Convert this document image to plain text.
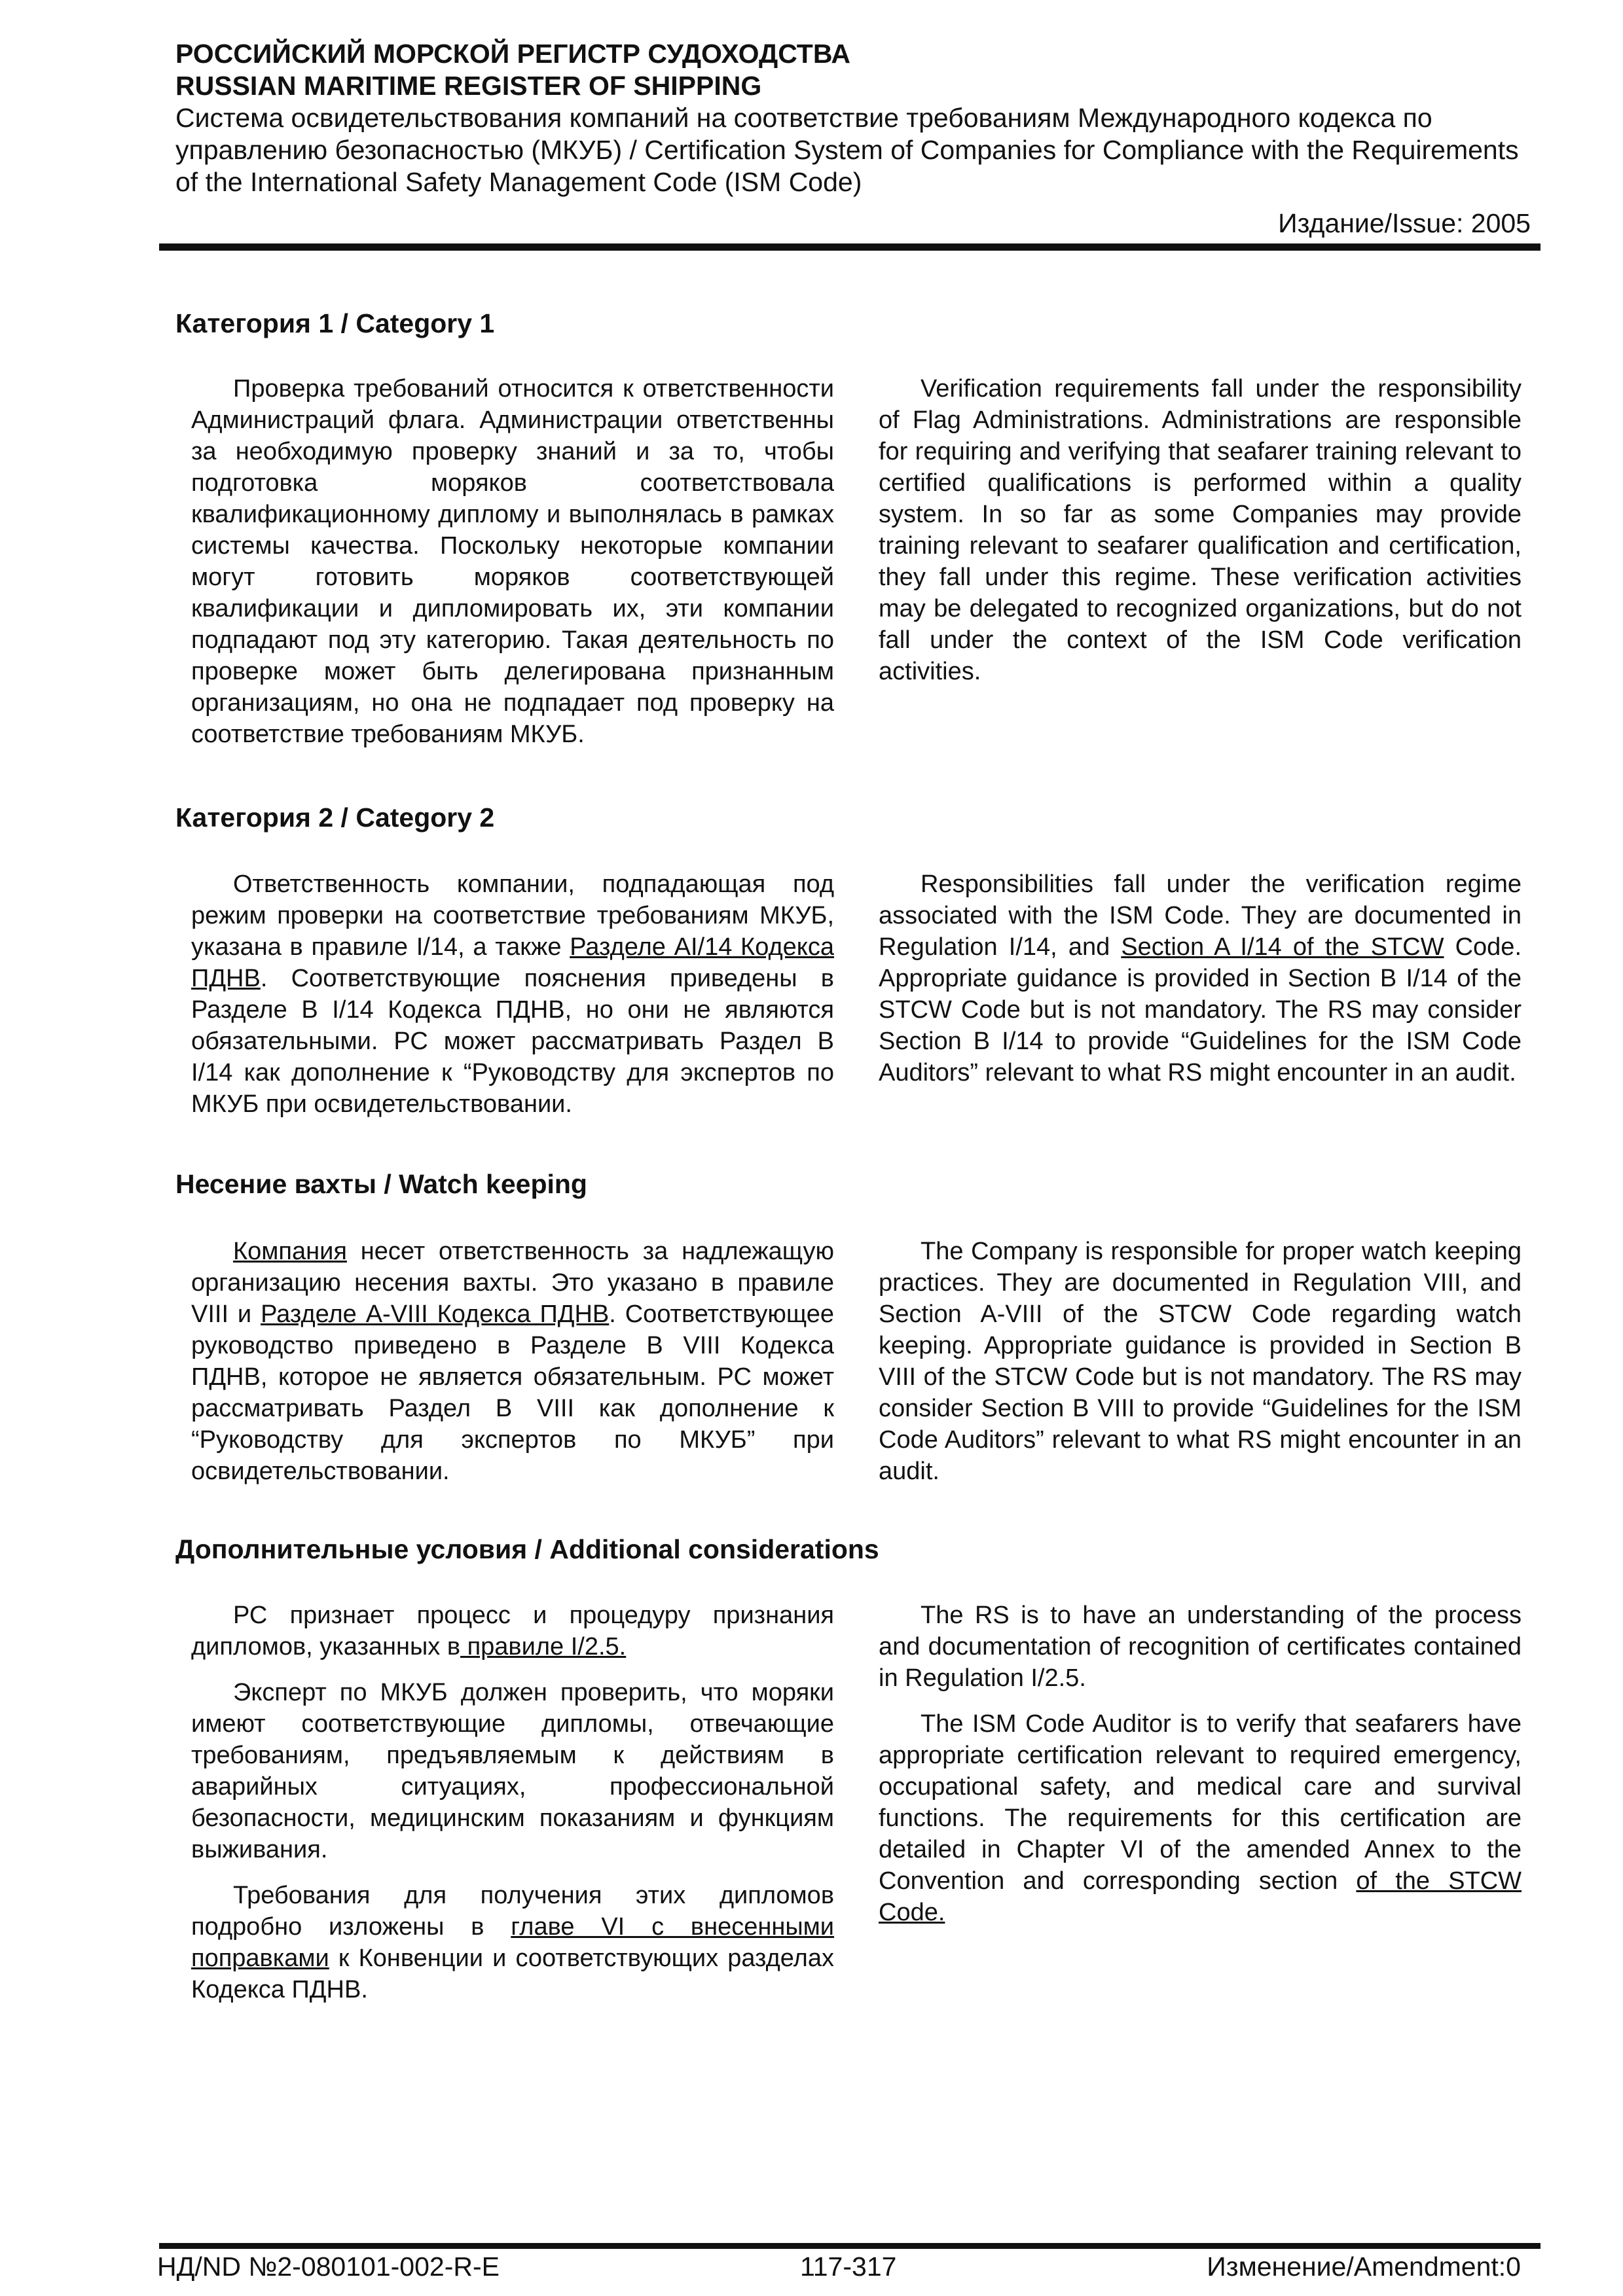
РОССИЙСКИЙ МОРСКОЙ РЕГИСТР СУДОХОДСТВА
RUSSIAN MARITIME REGISTER OF SHIPPING
Система освидетельствования компаний на соответствие требованиям Международного кодекса по управлению безопасностью (МКУБ) / Certification System of Companies for Compliance with the Requirements of the International Safety Management Code (ISM Code)
Издание/Issue: 2005
Категория 1 / Category 1

Проверка требований относится к ответственности Администраций флага. Администрации ответственны за необходимую проверку знаний и за то, чтобы подготовка моряков соответствовала квалификационному диплому и выполнялась в рамках системы качества. Поскольку некоторые компании могут готовить моряков соответствующей квалификации и дипломировать их, эти компании подпадают под эту категорию. Такая деятельность по проверке может быть делегирована признанным организациям, но она не подпадает под проверку на соответствие требованиям МКУБ.

Verification requirements fall under the responsibility of Flag Administrations. Administrations are responsible for requiring and verifying that seafarer training relevant to certified qualifications is performed within a quality system. In so far as some Companies may provide training relevant to seafarer qualification and certification, they fall under this regime. These verification activities may be delegated to recognized organizations, but do not fall under the context of the ISM Code verification activities.

Категория 2 / Category 2

Ответственность компании, подпадающая под режим проверки на соответствие требованиям МКУБ, указана в правиле I/14, а также Разделе AI/14 Кодекса ПДНВ. Соответствующие пояснения приведены в Разделе B I/14 Кодекса ПДНВ, но они не являются обязательными. РС может рассматривать Раздел B I/14 как дополнение к “Руководству для экспертов по МКУБ при освидетельствовании.

Responsibilities fall under the verification regime associated with the ISM Code. They are documented in Regulation I/14, and Section A I/14 of the STCW Code. Appropriate guidance is provided in Section B I/14 of the STCW Code but is not mandatory. The RS may consider Section B I/14 to provide “Guidelines for the ISM Code Auditors” relevant to what RS might encounter in an audit.

Несение вахты / Watch keeping

Компания несет ответственность за надлежащую организацию несения вахты. Это указано в правиле VIII и Разделе A-VIII Кодекса ПДНВ. Соответствующее руководство приведено в Разделе B VIII Кодекса ПДНВ, которое не является обязательным. РС может рассматривать Раздел B VIII как дополнение к “Руководству для экспертов по МКУБ” при освидетельствовании.

The Company is responsible for proper watch keeping practices. They are documented in Regulation VIII, and Section A-VIII of the STCW Code regarding watch keeping. Appropriate guidance is provided in Section B VIII of the STCW Code but is not mandatory. The RS may consider Section B VIII to provide “Guidelines for the ISM Code Auditors” relevant to what RS might encounter in an audit.

Дополнительные условия / Additional considerations

РС признает процесс и процедуру признания дипломов, указанных в правиле I/2.5.

Эксперт по МКУБ должен проверить, что моряки имеют соответствующие дипломы, отвечающие требованиям, предъявляемым к действиям в аварийных ситуациях, профессиональной безопасности, медицинским показаниям и функциям выживания.

Требования для получения этих дипломов подробно изложены в главе VI с внесенными поправками к Конвенции и соответствующих разделах Кодекса ПДНВ.

The RS is to have an understanding of the process and documentation of recognition of certificates contained in Regulation I/2.5.

The ISM Code Auditor is to verify that seafarers have appropriate certification relevant to required emergency, occupational safety, and medical care and survival functions. The requirements for this certification are detailed in Chapter VI of the amended Annex to the Convention and corresponding section of the STCW Code.

НД/ND №2-080101-002-R-E	117-317	Изменение/Amendment:0
